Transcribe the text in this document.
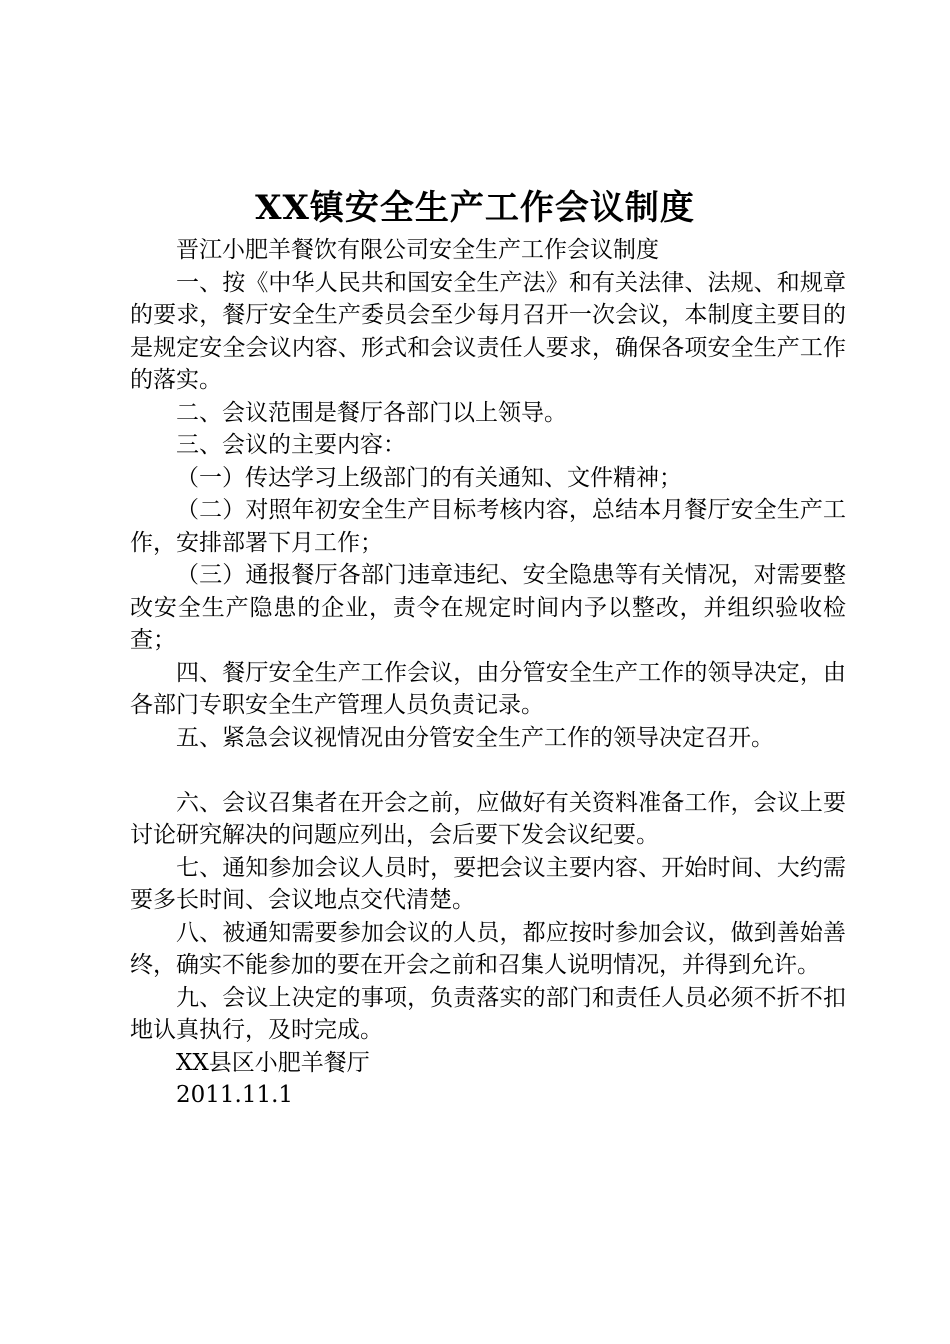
XX镇安全生产工作会议制度

晋江小肥羊餐饮有限公司安全生产工作会议制度

一、按《中华人民共和国安全生产法》和有关法律、法规、和规章的要求，餐厅安全生产委员会至少每月召开一次会议，本制度主要目的是规定安全会议内容、形式和会议责任人要求，确保各项安全生产工作的落实。

二、会议范围是餐厅各部门以上领导。

三、会议的主要内容：

（一）传达学习上级部门的有关通知、文件精神；

（二）对照年初安全生产目标考核内容，总结本月餐厅安全生产工作，安排部署下月工作；

（三）通报餐厅各部门违章违纪、安全隐患等有关情况，对需要整改安全生产隐患的企业，责令在规定时间内予以整改，并组织验收检查；

四、餐厅安全生产工作会议，由分管安全生产工作的领导决定，由各部门专职安全生产管理人员负责记录。

五、紧急会议视情况由分管安全生产工作的领导决定召开。

六、会议召集者在开会之前，应做好有关资料准备工作，会议上要讨论研究解决的问题应列出，会后要下发会议纪要。

七、通知参加会议人员时，要把会议主要内容、开始时间、大约需要多长时间、会议地点交代清楚。

八、被通知需要参加会议的人员，都应按时参加会议，做到善始善终，确实不能参加的要在开会之前和召集人说明情况，并得到允许。

九、会议上决定的事项，负责落实的部门和责任人员必须不折不扣地认真执行，及时完成。

XX县区小肥羊餐厅

2011.11.1
